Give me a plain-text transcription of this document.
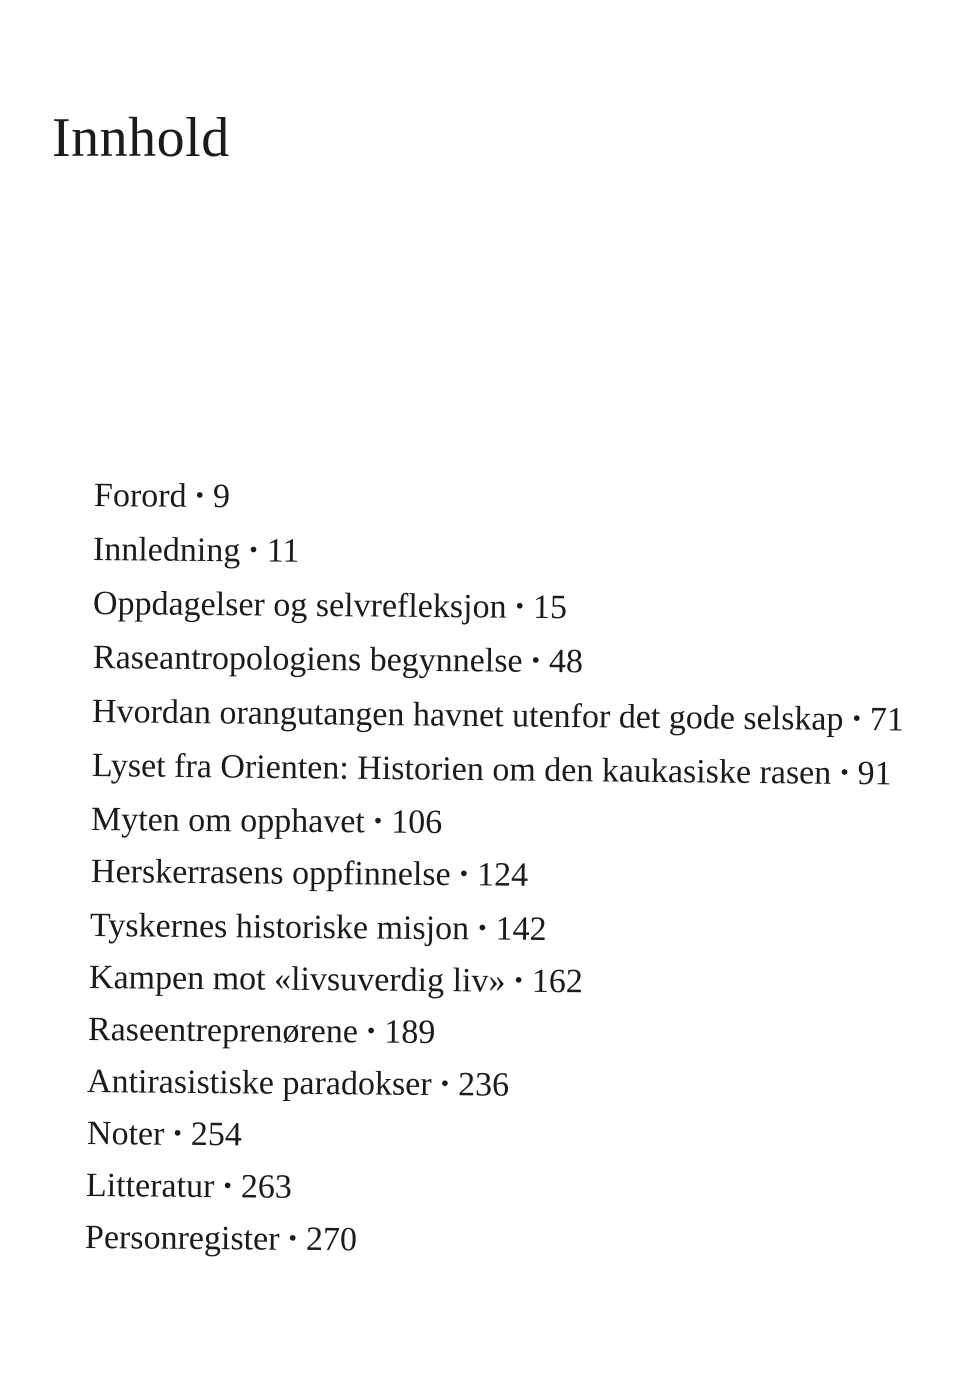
Innhold
Forord • 9
Innledning • 11
Oppdagelser og selvrefleksjon • 15
Raseantropologiens begynnelse • 48
Hvordan orangutangen havnet utenfor det gode selskap • 71
Lyset fra Orienten: Historien om den kaukasiske rasen • 91
Myten om opphavet • 106
Herskerrasens oppfinnelse • 124
Tyskernes historiske misjon • 142
Kampen mot «livsuverdig liv» • 162
Raseentreprenørene • 189
Antirasistiske paradokser • 236
Noter • 254
Litteratur • 263
Personregister • 270
